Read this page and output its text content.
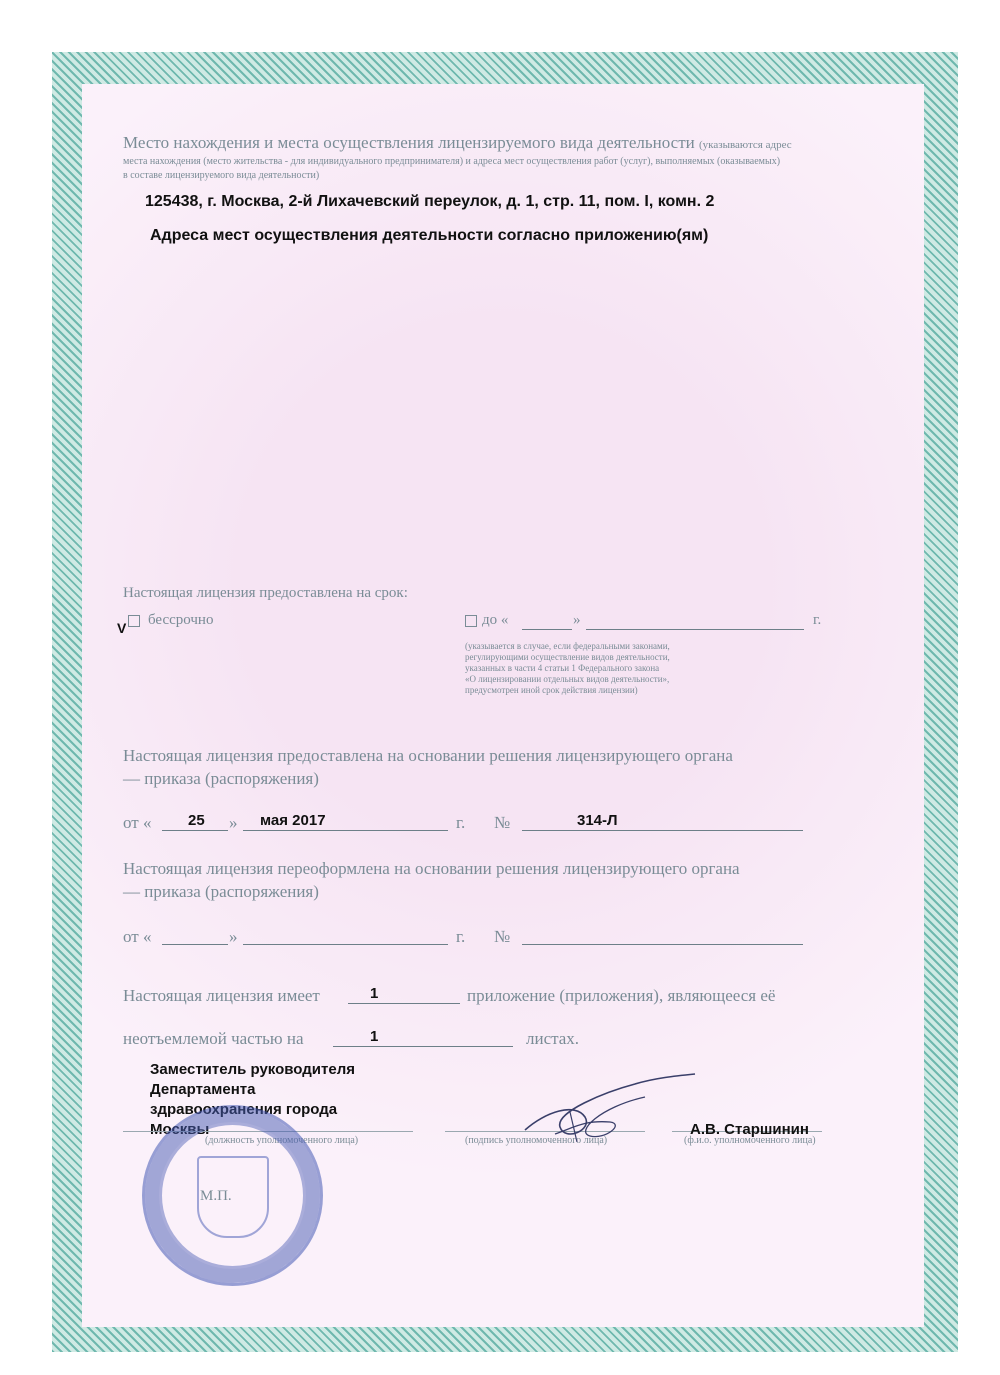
Место нахождения и места осуществления лицензируемого вида деятельности (указываются адрес
места нахождения (место жительства - для индивидуального предпринимателя) и адреса мест осуществления работ (услуг), выполняемых (оказываемых)
в составе лицензируемого вида деятельности)
125438, г. Москва, 2-й Лихачевский переулок, д. 1, стр. 11, пом. I, комн. 2
Адреса мест осуществления деятельности согласно приложению(ям)
Настоящая лицензия предоставлена на срок:
V бессрочно	до «	»	г.
(указывается в случае, если федеральными законами,
регулирующими осуществление видов деятельности,
указанных в части 4 статьи 1 Федерального закона
«О лицензировании отдельных видов деятельности»,
предусмотрен иной срок действия лицензии)
Настоящая лицензия предоставлена на основании решения лицензирующего органа
— приказа (распоряжения)
от « 25 » мая 2017	г. №	314-Л
Настоящая лицензия переоформлена на основании решения лицензирующего органа
— приказа (распоряжения)
от «	»	г. №
Настоящая лицензия имеет	1	приложение (приложения), являющееся её
неотъемлемой частью на	1	листах.
Заместитель руководителя
Департамента
здравоохранения города
Москвы
(должность уполномоченного лица)	(подпись уполномоченного лица)
А.В. Старшинин
(ф.и.о. уполномоченного лица)
М.П.
